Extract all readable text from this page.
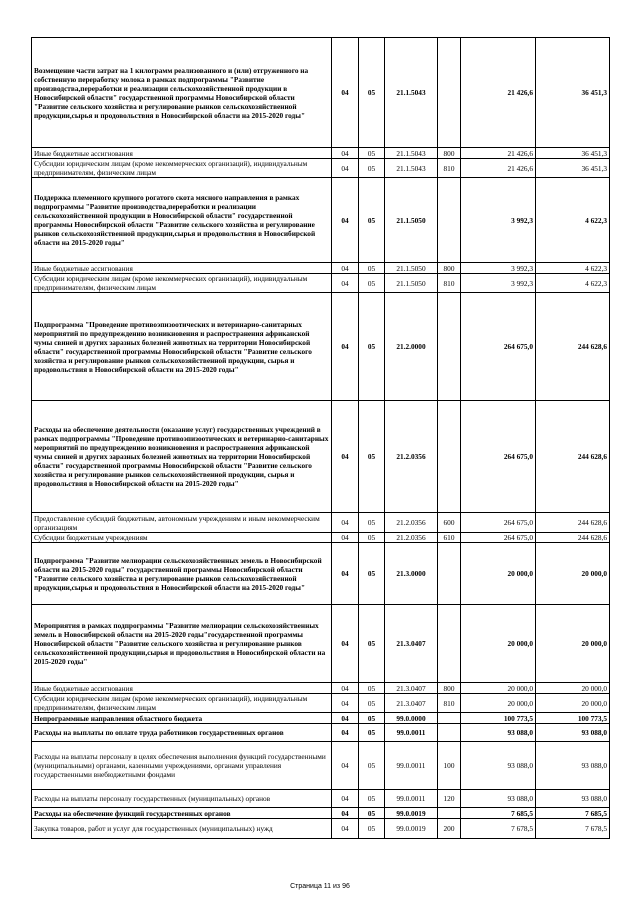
Возмещение части затрат на 1 килограмм реализованного и (или) отгруженного на собственную переработку молока в рамках подпрограммы "Развитие производства,переработки и реализации сельскохозяйственной продукции в Новосибирской области" государственной программы Новосибирской области "Развитие сельского хозяйства и регулирование рынков сельскохозяйственной продукции,сырья и продовольствия в Новосибирской области на 2015-2020 годы"	04	05	21.1.5043		21 426,6	36 451,3
Иные бюджетные ассигнования	04	05	21.1.5043	800	21 426,6	36 451,3
Субсидии юридическим лицам (кроме некоммерческих организаций), индивидуальным предпринимателям, физическим лицам	04	05	21.1.5043	810	21 426,6	36 451,3
Поддержка племенного крупного рогатого скота мясного направления в рамках подпрограммы "Развитие производства,переработки и реализации сельскохозяйственной продукции в Новосибирской области" государственной программы Новосибирской области "Развитие сельского хозяйства и регулирование рынков сельскохозяйственной продукции,сырья и продовольствия в Новосибирской области на 2015-2020 годы"	04	05	21.1.5050		3 992,3	4 622,3
Иные бюджетные ассигнования	04	05	21.1.5050	800	3 992,3	4 622,3
Субсидии юридическим лицам (кроме некоммерческих организаций), индивидуальным предпринимателям, физическим лицам	04	05	21.1.5050	810	3 992,3	4 622,3
Подпрограмма "Проведение противоэпизоотических и ветеринарно-санитарных мероприятий по предупреждению возникновения и распространения африканской чумы свиней и других заразных болезней животных на территории Новосибирской области" государственной программы Новосибирской области "Развитие сельского хозяйства и регулирование рынков сельскохозяйственной продукции, сырья и продовольствия в Новосибирской области на 2015-2020 годы"	04	05	21.2.0000		264 675,0	244 628,6
Расходы на обеспечение деятельности (оказание услуг) государственных учреждений в рамках подпрограммы "Проведение противоэпизоотических и ветеринарно-санитарных мероприятий по предупреждению возникновения и распространения африканской чумы свиней и других заразных болезней животных на территории Новосибирской области" государственной программы Новосибирской области "Развитие сельского хозяйства и регулирование рынков сельскохозяйственной продукции, сырья и продовольствия в Новосибирской области на 2015-2020 годы"	04	05	21.2.0356		264 675,0	244 628,6
Предоставление субсидий бюджетным, автономным учреждениям и иным некоммерческим организациям	04	05	21.2.0356	600	264 675,0	244 628,6
Субсидии бюджетным учреждениям	04	05	21.2.0356	610	264 675,0	244 628,6
Подпрограмма "Развитие мелиорации сельскохозяйственных земель в Новосибирской области на 2015-2020 годы" государственной программы Новосибирской области "Развитие сельского хозяйства и регулирование рынков сельскохозяйственной продукции,сырья и продовольствия в Новосибирской области на 2015-2020 годы"	04	05	21.3.0000		20 000,0	20 000,0
Мероприятия в рамках подпрограммы "Развитие мелиорации сельскохозяйственных земель в Новосибирской области на 2015-2020 годы"государственной программы Новосибирской области "Развитие сельского хозяйства и регулирование рынков сельскохозяйственной продукции,сырья и продовольствия в Новосибирской области на 2015-2020 годы"	04	05	21.3.0407		20 000,0	20 000,0
Иные бюджетные ассигнования	04	05	21.3.0407	800	20 000,0	20 000,0
Субсидии юридическим лицам (кроме некоммерческих организаций), индивидуальным предпринимателям, физическим лицам	04	05	21.3.0407	810	20 000,0	20 000,0
Непрограммные направления областного бюджета	04	05	99.0.0000		100 773,5	100 773,5
Расходы на выплаты по оплате труда работников государственных органов	04	05	99.0.0011		93 088,0	93 088,0
Расходы на выплаты персоналу в целях обеспечения выполнения функций государственными (муниципальными) органами, казенными учреждениями, органами управления государственными внебюджетными фондами	04	05	99.0.0011	100	93 088,0	93 088,0
Расходы на выплаты персоналу государственных (муниципальных) органов	04	05	99.0.0011	120	93 088,0	93 088,0
Расходы на обеспечение функций государственных органов	04	05	99.0.0019		7 685,5	7 685,5
Закупка товаров, работ и услуг для государственных (муниципальных) нужд	04	05	99.0.0019	200	7 678,5	7 678,5
Страница 11 из 96
